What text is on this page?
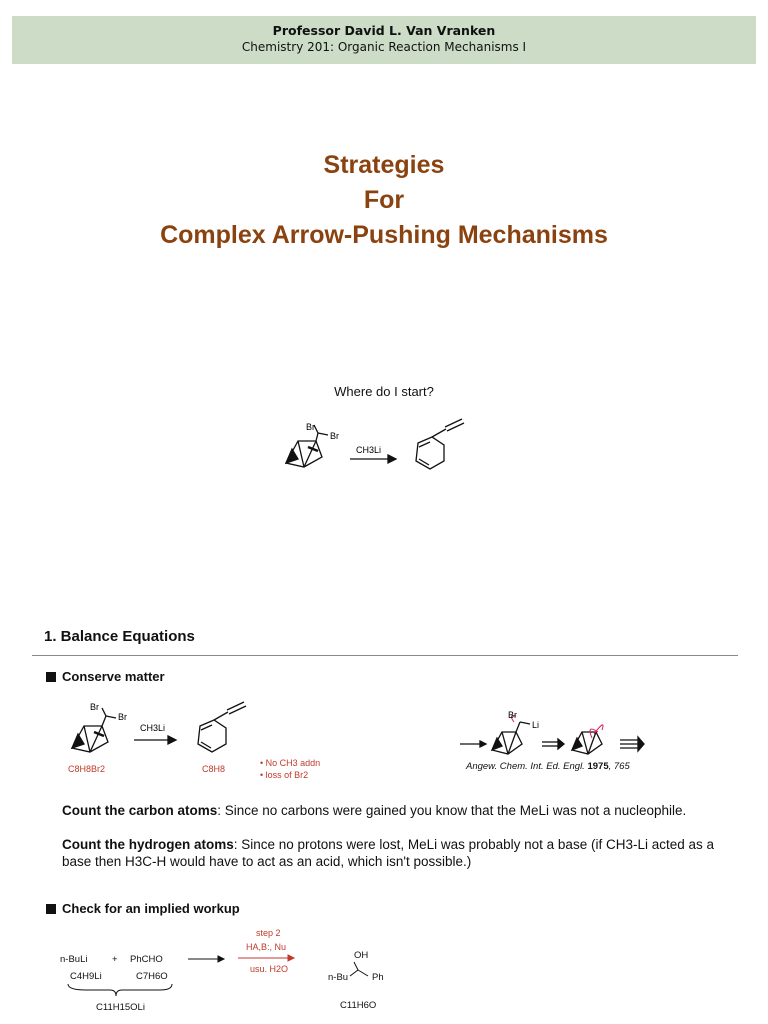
Professor David L. Van Vranken
Chemistry 201: Organic Reaction Mechanisms I
Strategies
For
Complex Arrow-Pushing Mechanisms
Where do I start?
Br
Br
CH3Li
1. Balance Equations
Conserve matter
Br
Br
CH3Li
C8H8Br2	C8H8
• No CH3 addn
• loss of Br2
Br
Li
Angew. Chem. Int. Ed. Engl. 1975, 765
Count the carbon atoms: Since no carbons were gained you know that the MeLi was not a nucleophile.
Count the hydrogen atoms: Since no protons were lost, MeLi was probably not a base (if CH3-Li acted as a base then H3C-H would have to act as an acid, which isn't possible.)
Check for an implied workup
n-BuLi	+ PhCHO
C4H9Li	C7H6O
C11H15OLi
step 2
HA,B:, Nu
usu. H2O
OH
n-Bu	Ph
C11H6O
